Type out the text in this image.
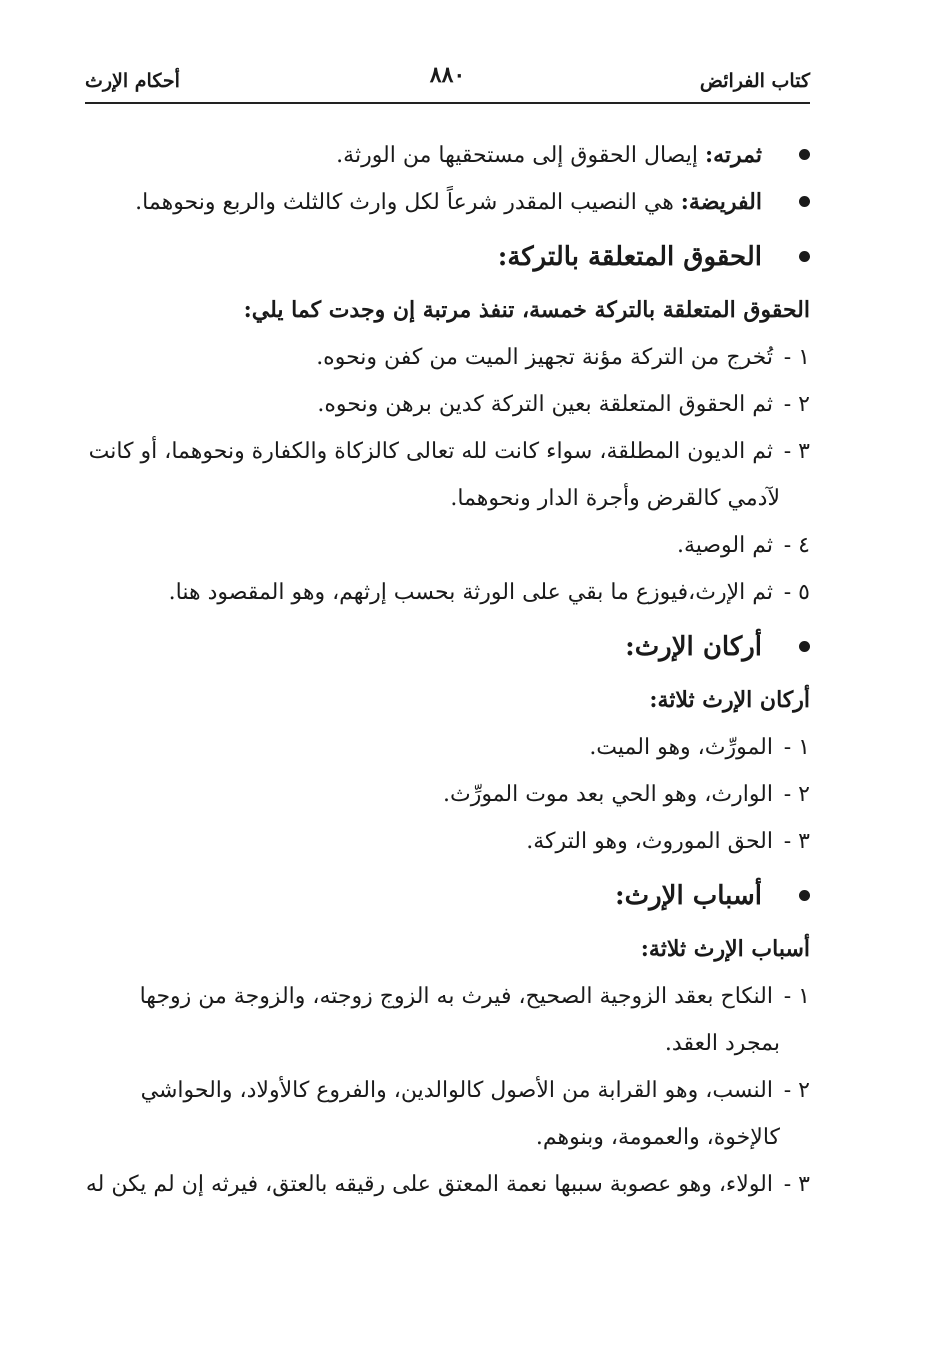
كتاب الفرائض
٨٨٠
أحكام الإرث
ثمرته: إيصال الحقوق إلى مستحقيها من الورثة.
الفريضة: هي النصيب المقدر شرعاً لكل وارث كالثلث والربع ونحوهما.
الحقوق المتعلقة بالتركة:
الحقوق المتعلقة بالتركة خمسة، تنفذ مرتبة إن وجدت كما يلي:
١ - تُخرج من التركة مؤنة تجهيز الميت من كفن ونحوه.
٢ - ثم الحقوق المتعلقة بعين التركة كدين برهن ونحوه.
٣ - ثم الديون المطلقة، سواء كانت لله تعالى كالزكاة والكفارة ونحوهما، أو كانت
لآدمي كالقرض وأجرة الدار ونحوهما.
٤ - ثم الوصية.
٥ - ثم الإرث،فيوزع ما بقي على الورثة بحسب إرثهم، وهو المقصود هنا.
أركان الإرث:
أركان الإرث ثلاثة:
١ - المورِّث، وهو الميت.
٢ - الوارث، وهو الحي بعد موت المورِّث.
٣ - الحق الموروث، وهو التركة.
أسباب الإرث:
أسباب الإرث ثلاثة:
١ - النكاح بعقد الزوجية الصحيح، فيرث به الزوج زوجته، والزوجة من زوجها
بمجرد العقد.
٢ - النسب، وهو القرابة من الأصول كالوالدين، والفروع كالأولاد، والحواشي
كالإخوة، والعمومة، وبنوهم.
٣ - الولاء، وهو عصوبة سببها نعمة المعتق على رقيقه بالعتق، فيرثه إن لم يكن له
